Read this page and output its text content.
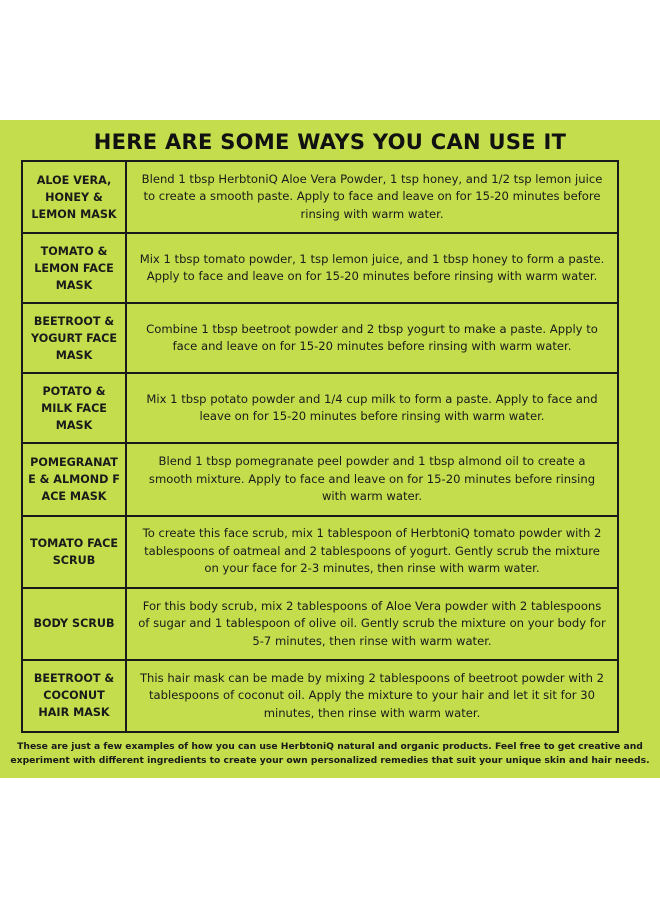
HERE ARE SOME WAYS YOU CAN USE IT
ALOE VERA, HONEY & LEMON MASK	Blend 1 tbsp HerbtoniQ Aloe Vera Powder, 1 tsp honey, and 1/2 tsp lemon juice to create a smooth paste. Apply to face and leave on for 15-20 minutes before rinsing with warm water.
TOMATO & LEMON FACE MASK	Mix 1 tbsp tomato powder, 1 tsp lemon juice, and 1 tbsp honey to form a paste. Apply to face and leave on for 15-20 minutes before rinsing with warm water.
BEETROOT & YOGURT FACE MASK	Combine 1 tbsp beetroot powder and 2 tbsp yogurt to make a paste. Apply to face and leave on for 15-20 minutes before rinsing with warm water.
POTATO & MILK FACE MASK	Mix 1 tbsp potato powder and 1/4 cup milk to form a paste. Apply to face and leave on for 15-20 minutes before rinsing with warm water.
POMEGRANATE & ALMOND FACE MASK	Blend 1 tbsp pomegranate peel powder and 1 tbsp almond oil to create a smooth mixture. Apply to face and leave on for 15-20 minutes before rinsing with warm water.
TOMATO FACE SCRUB	To create this face scrub, mix 1 tablespoon of HerbtoniQ tomato powder with 2 tablespoons of oatmeal and 2 tablespoons of yogurt. Gently scrub the mixture on your face for 2-3 minutes, then rinse with warm water.
BODY SCRUB	For this body scrub, mix 2 tablespoons of Aloe Vera powder with 2 tablespoons of sugar and 1 tablespoon of olive oil. Gently scrub the mixture on your body for 5-7 minutes, then rinse with warm water.
BEETROOT & COCONUT HAIR MASK	This hair mask can be made by mixing 2 tablespoons of beetroot powder with 2 tablespoons of coconut oil. Apply the mixture to your hair and let it sit for 30 minutes, then rinse with warm water.
These are just a few examples of how you can use HerbtoniQ natural and organic products. Feel free to get creative and experiment with different ingredients to create your own personalized remedies that suit your unique skin and hair needs.
